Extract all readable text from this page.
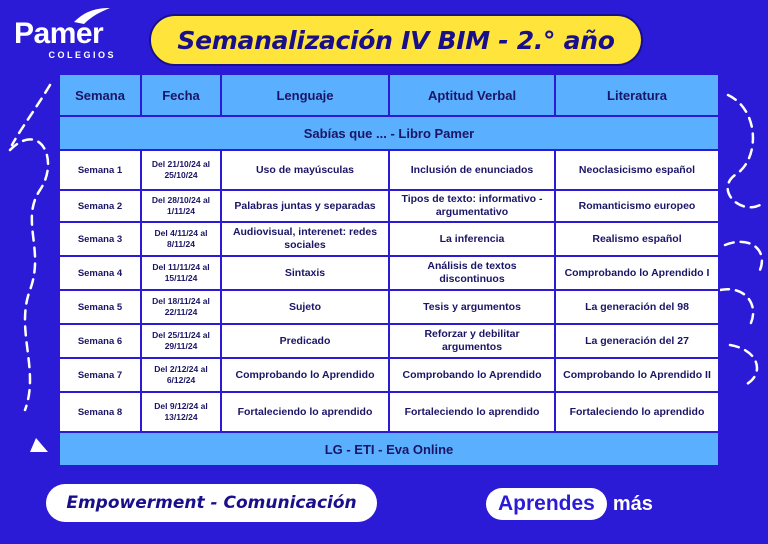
Pamer
COLEGIOS
Semanalización IV BIM - 2.° año
Semana	Fecha	Lenguaje	Aptitud Verbal	Literatura
Sabías que ... - Libro Pamer				
Semana 1	Del 21/10/24 al 25/10/24	Uso de mayúsculas	Inclusión de enunciados	Neoclasicismo español
Semana 2	Del 28/10/24 al 1/11/24	Palabras juntas y separadas	Tipos de texto: informativo - argumentativo	Romanticismo europeo
Semana 3	Del 4/11/24 al 8/11/24	Audiovisual, interenet: redes sociales	La inferencia	Realismo español
Semana 4	Del 11/11/24 al 15/11/24	Sintaxis	Análisis de textos discontinuos	Comprobando lo Aprendido I
Semana 5	Del 18/11/24 al 22/11/24	Sujeto	Tesis y argumentos	La generación del 98
Semana 6	Del 25/11/24 al 29/11/24	Predicado	Reforzar y debilitar argumentos	La generación del 27
Semana 7	Del 2/12/24 al 6/12/24	Comprobando lo Aprendido	Comprobando lo Aprendido	Comprobando lo Aprendido II
Semana 8	Del 9/12/24 al 13/12/24	Fortaleciendo lo aprendido	Fortaleciendo lo aprendido	Fortaleciendo lo aprendido
LG - ETI - Eva Online				
Empowerment - Comunicación	Aprendes más
